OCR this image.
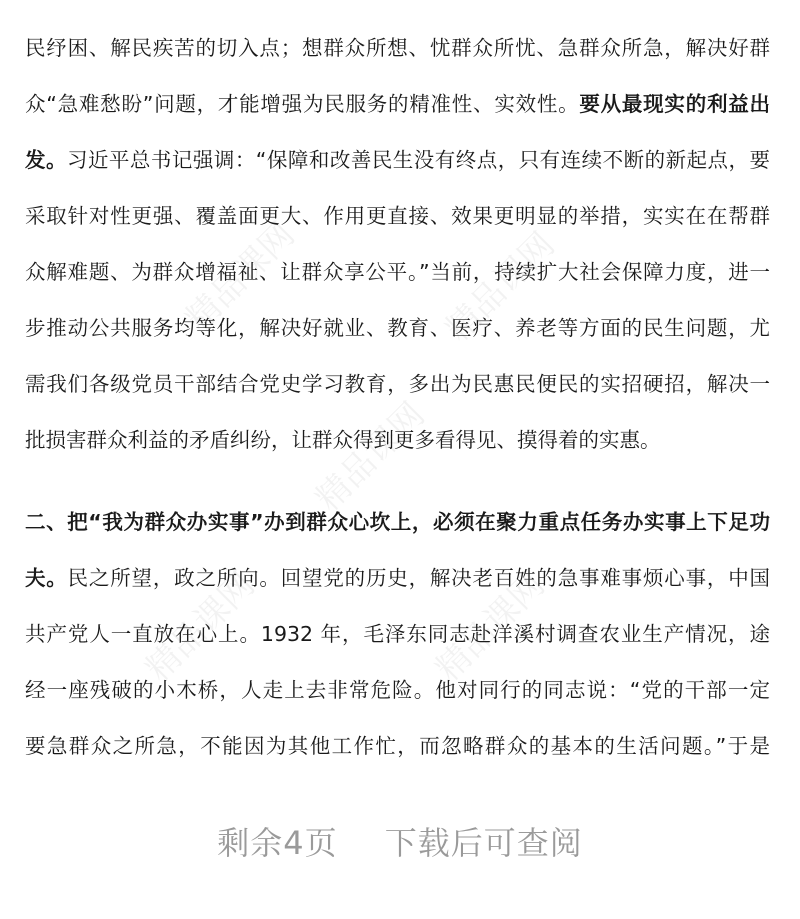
精品课网	精品课网
精品课网
精品课网	精品课网
民纾困、解民疾苦的切入点；想群众所想、忧群众所忧、急群众所急，解决好群
众“急难愁盼”问题，才能增强为民服务的精准性、实效性。要从最现实的利益出
发。习近平总书记强调：“保障和改善民生没有终点，只有连续不断的新起点，要
采取针对性更强、覆盖面更大、作用更直接、效果更明显的举措，实实在在帮群
众解难题、为群众增福祉、让群众享公平。”当前，持续扩大社会保障力度，进一
步推动公共服务均等化，解决好就业、教育、医疗、养老等方面的民生问题，尤
需我们各级党员干部结合党史学习教育，多出为民惠民便民的实招硬招，解决一
批损害群众利益的矛盾纠纷，让群众得到更多看得见、摸得着的实惠。
二、把“我为群众办实事”办到群众心坎上，必须在聚力重点任务办实事上下足功
夫。民之所望，政之所向。回望党的历史，解决老百姓的急事难事烦心事，中国
共产党人一直放在心上。1932 年，毛泽东同志赴洋溪村调查农业生产情况，途
经一座残破的小木桥，人走上去非常危险。他对同行的同志说：“党的干部一定
要急群众之所急，不能因为其他工作忙，而忽略群众的基本的生活问题。”于是
剩余4页 下载后可查阅
